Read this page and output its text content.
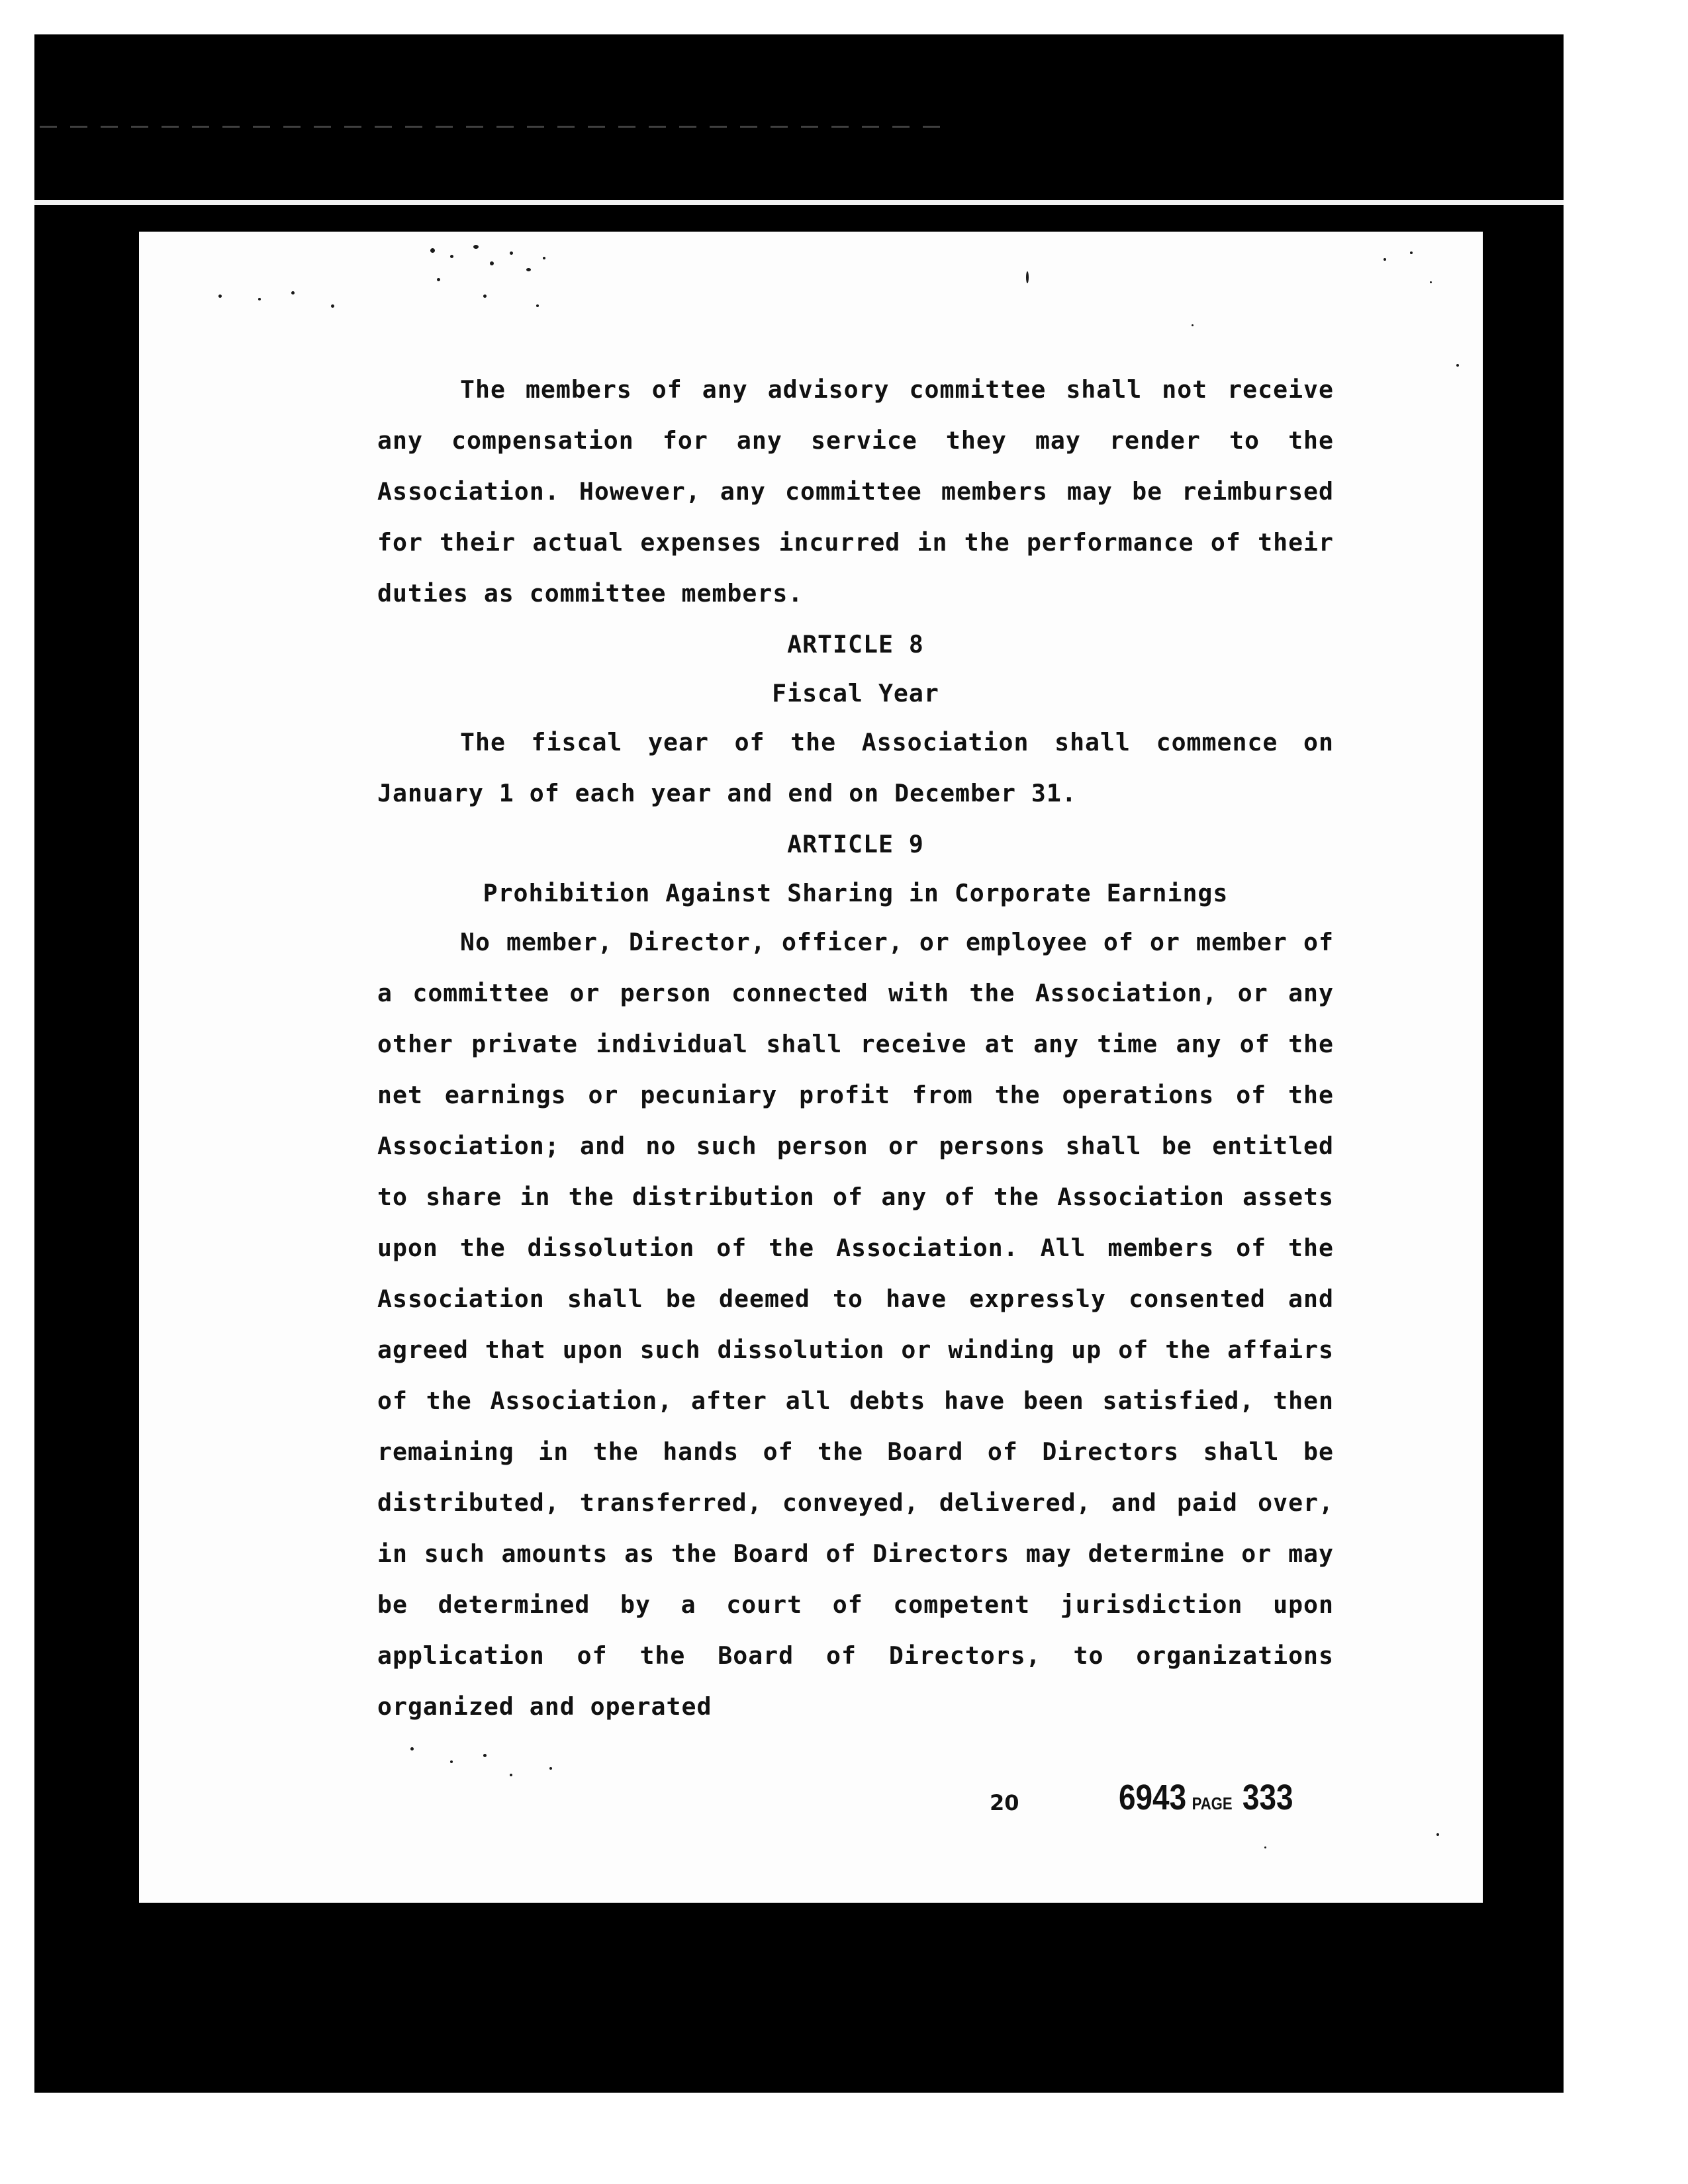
The members of any advisory committee shall not receive any compensation for any service they may render to the Association. However, any committee members may be reimbursed for their actual expenses incurred in the performance of their duties as committee members.

ARTICLE 8

Fiscal Year

The fiscal year of the Association shall commence on January 1 of each year and end on December 31.

ARTICLE 9

Prohibition Against Sharing in Corporate Earnings

No member, Director, officer, or employee of or member of a committee or person connected with the Association, or any other private individual shall receive at any time any of the net earnings or pecuniary profit from the operations of the Association; and no such person or persons shall be entitled to share in the distribution of any of the Association assets upon the dissolution of the Association. All members of the Association shall be deemed to have expressly consented and agreed that upon such dissolution or winding up of the affairs of the Association, after all debts have been satisfied, then remaining in the hands of the Board of Directors shall be distributed, transferred, conveyed, delivered, and paid over, in such amounts as the Board of Directors may determine or may be determined by a court of competent jurisdiction upon application of the Board of Directors, to organizations organized and operated

20	6943 PAGE 333
